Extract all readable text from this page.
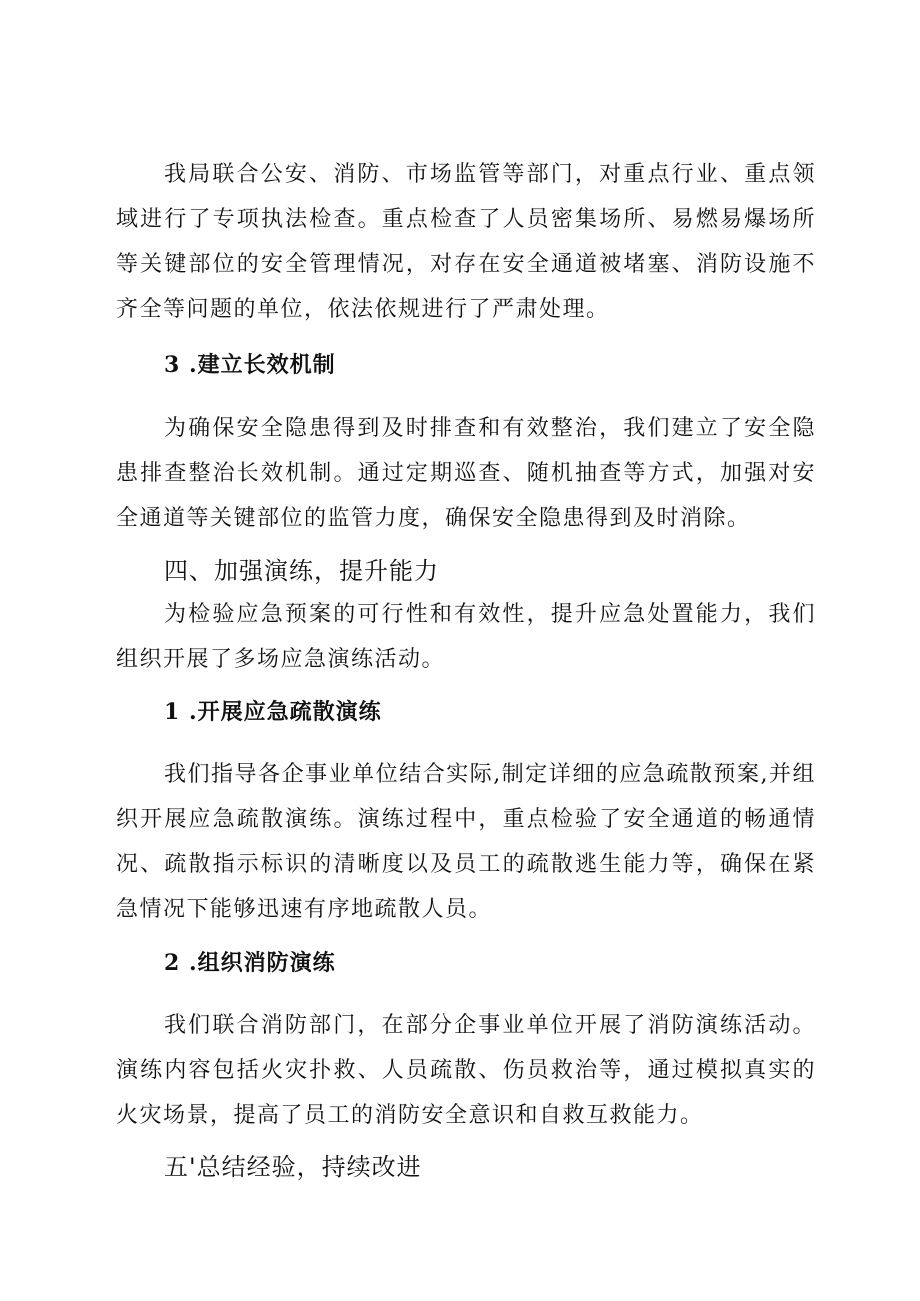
我局联合公安、消防、市场监管等部门，对重点行业、重点领域进行了专项执法检查。重点检查了人员密集场所、易燃易爆场所等关键部位的安全管理情况，对存在安全通道被堵塞、消防设施不齐全等问题的单位，依法依规进行了严肃处理。

3 .建立长效机制

为确保安全隐患得到及时排查和有效整治，我们建立了安全隐患排查整治长效机制。通过定期巡查、随机抽查等方式，加强对安全通道等关键部位的监管力度，确保安全隐患得到及时消除。

四、加强演练，提升能力

为检验应急预案的可行性和有效性，提升应急处置能力，我们组织开展了多场应急演练活动。

1 .开展应急疏散演练

我们指导各企事业单位结合实际,制定详细的应急疏散预案,并组织开展应急疏散演练。演练过程中，重点检验了安全通道的畅通情况、疏散指示标识的清晰度以及员工的疏散逃生能力等，确保在紧急情况下能够迅速有序地疏散人员。

2 .组织消防演练

我们联合消防部门，在部分企事业单位开展了消防演练活动。演练内容包括火灾扑救、人员疏散、伤员救治等，通过模拟真实的火灾场景，提高了员工的消防安全意识和自救互救能力。

五'总结经验，持续改进
